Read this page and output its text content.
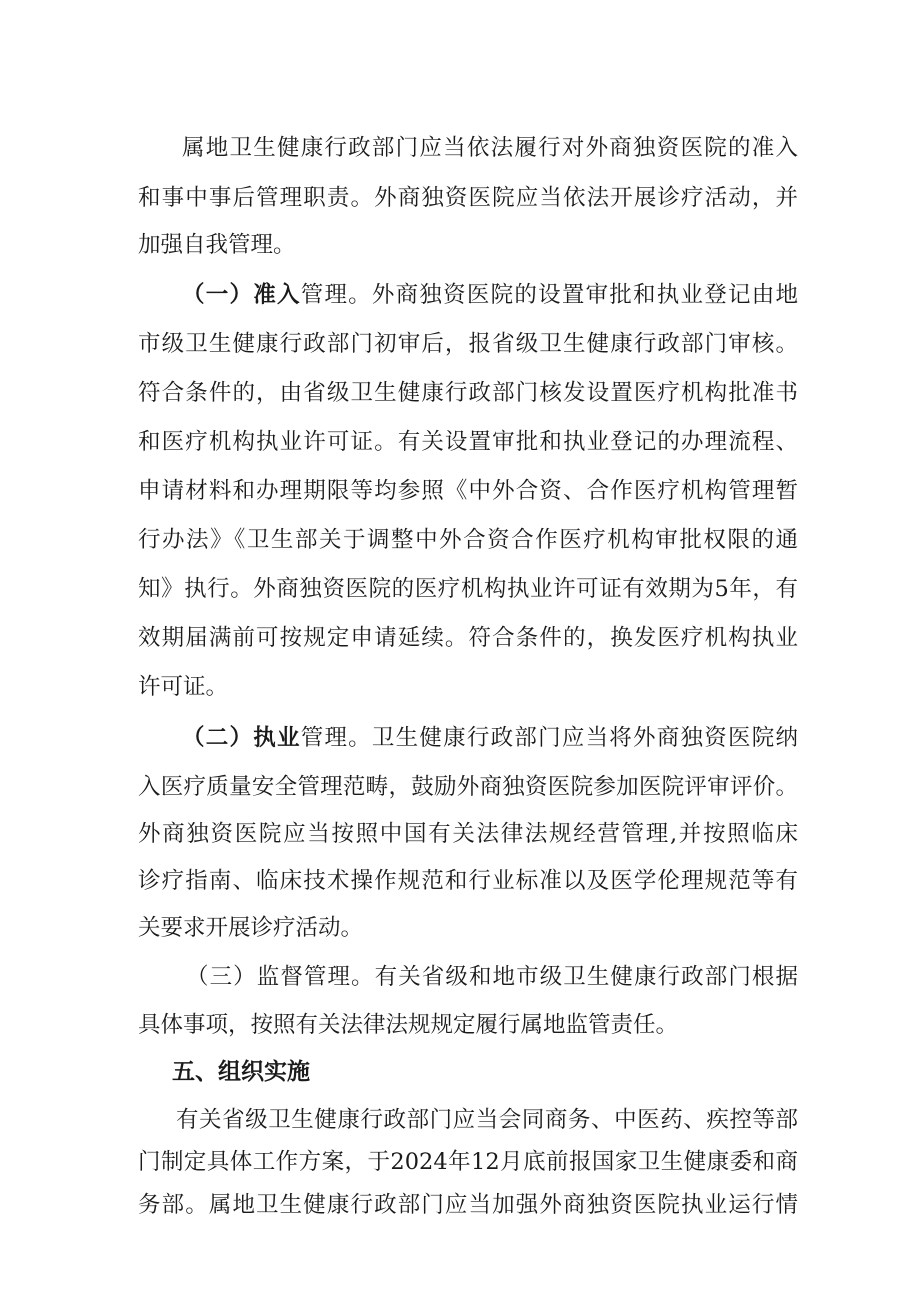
属地卫生健康行政部门应当依法履行对外商独资医院的准入
和事中事后管理职责。外商独资医院应当依法开展诊疗活动，并
加强自我管理。
（一）准入管理。外商独资医院的设置审批和执业登记由地
市级卫生健康行政部门初审后，报省级卫生健康行政部门审核。
符合条件的，由省级卫生健康行政部门核发设置医疗机构批准书
和医疗机构执业许可证。有关设置审批和执业登记的办理流程、
申请材料和办理期限等均参照《中外合资、合作医疗机构管理暂
行办法》《卫生部关于调整中外合资合作医疗机构审批权限的通
知》执行。外商独资医院的医疗机构执业许可证有效期为5年，有
效期届满前可按规定申请延续。符合条件的，换发医疗机构执业
许可证。
（二）执业管理。卫生健康行政部门应当将外商独资医院纳
入医疗质量安全管理范畴，鼓励外商独资医院参加医院评审评价。
外商独资医院应当按照中国有关法律法规经营管理,并按照临床
诊疗指南、临床技术操作规范和行业标准以及医学伦理规范等有
关要求开展诊疗活动。
（三）监督管理。有关省级和地市级卫生健康行政部门根据
具体事项，按照有关法律法规规定履行属地监管责任。
五、组织实施
有关省级卫生健康行政部门应当会同商务、中医药、疾控等部
门制定具体工作方案，于2024年12月底前报国家卫生健康委和商
务部。属地卫生健康行政部门应当加强外商独资医院执业运行情
